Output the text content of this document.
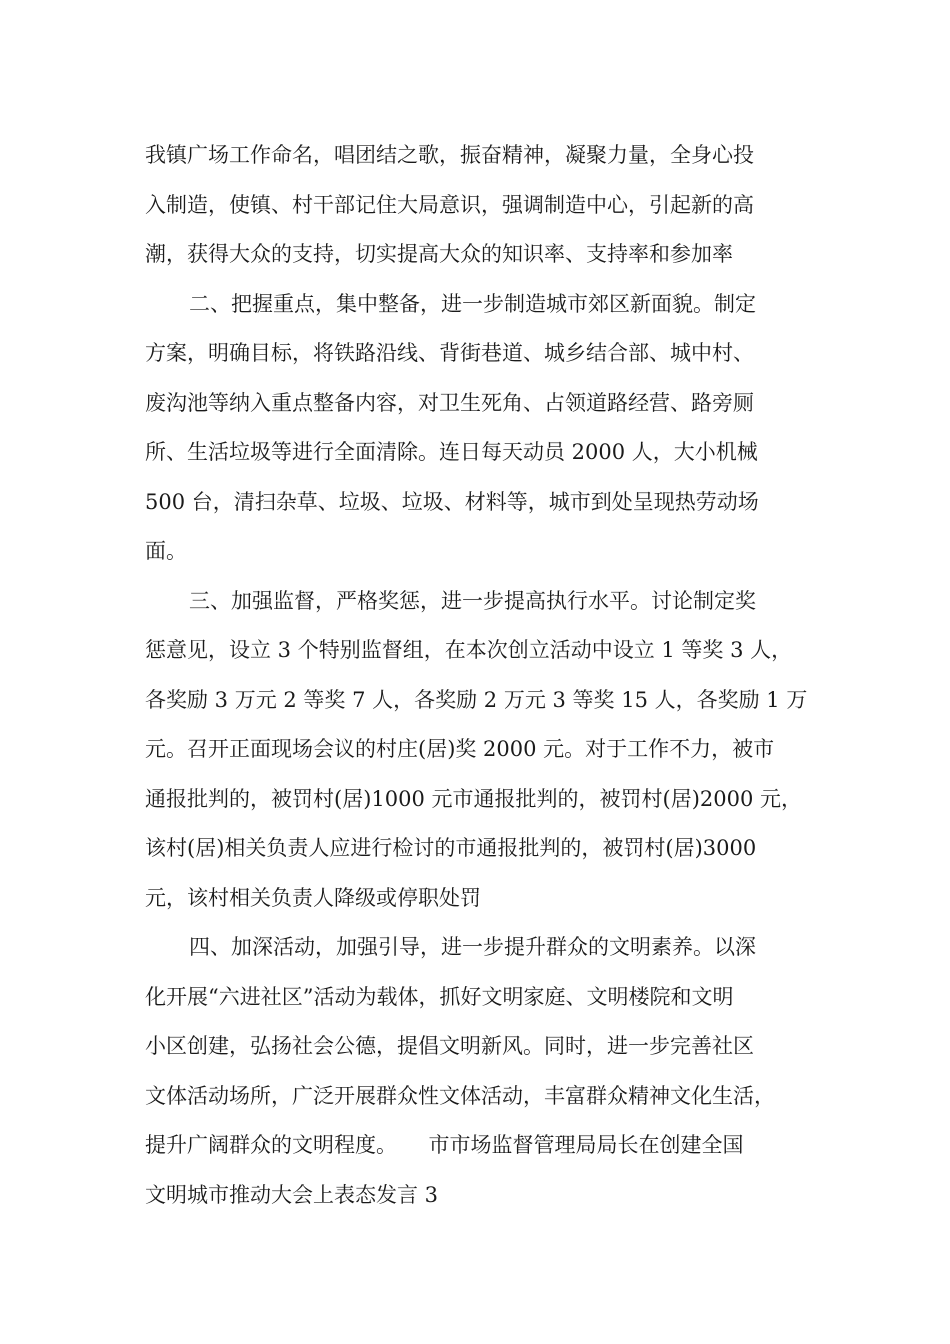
我镇广场工作命名，唱团结之歌，振奋精神，凝聚力量，全身心投
入制造，使镇、村干部记住大局意识，强调制造中心，引起新的高
潮，获得大众的支持，切实提高大众的知识率、支持率和参加率
二、把握重点，集中整备，进一步制造城市郊区新面貌。制定
方案，明确目标，将铁路沿线、背街巷道、城乡结合部、城中村、
废沟池等纳入重点整备内容，对卫生死角、占领道路经营、路旁厕
所、生活垃圾等进行全面清除。连日每天动员 2000 人，大小机械
500 台，清扫杂草、垃圾、垃圾、材料等，城市到处呈现热劳动场
面。
三、加强监督，严格奖惩，进一步提高执行水平。讨论制定奖
惩意见，设立 3 个特别监督组，在本次创立活动中设立 1 等奖 3 人，
各奖励 3 万元 2 等奖 7 人，各奖励 2 万元 3 等奖 15 人，各奖励 1 万
元。召开正面现场会议的村庄(居)奖 2000 元。对于工作不力，被市
通报批判的，被罚村(居)1000 元市通报批判的，被罚村(居)2000 元，
该村(居)相关负责人应进行检讨的市通报批判的，被罚村(居)3000
元，该村相关负责人降级或停职处罚
四、加深活动，加强引导，进一步提升群众的文明素养。以深
化开展“六进社区”活动为载体，抓好文明家庭、文明楼院和文明
小区创建，弘扬社会公德，提倡文明新风。同时，进一步完善社区
文体活动场所，广泛开展群众性文体活动，丰富群众精神文化生活，
提升广阔群众的文明程度。　　市市场监督管理局局长在创建全国
文明城市推动大会上表态发言 3
